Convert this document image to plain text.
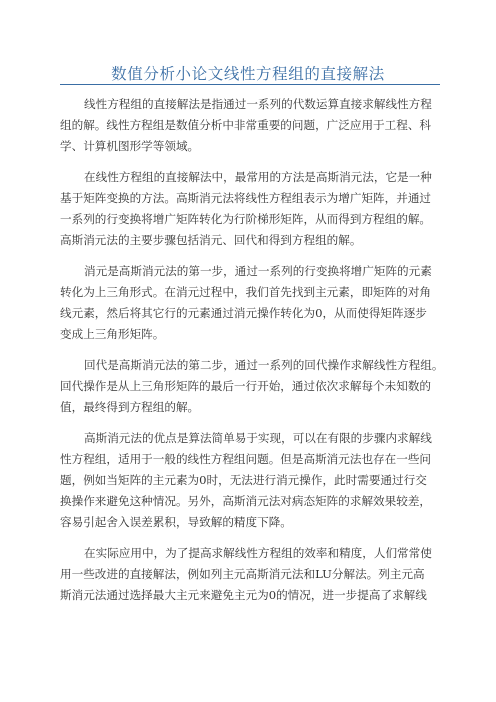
数值分析小论文线性方程组的直接解法

线性方程组的直接解法是指通过一系列的代数运算直接求解线性方程
组的解。线性方程组是数值分析中非常重要的问题，广泛应用于工程、科
学、计算机图形学等领域。

在线性方程组的直接解法中，最常用的方法是高斯消元法，它是一种
基于矩阵变换的方法。高斯消元法将线性方程组表示为增广矩阵，并通过
一系列的行变换将增广矩阵转化为行阶梯形矩阵，从而得到方程组的解。
高斯消元法的主要步骤包括消元、回代和得到方程组的解。

消元是高斯消元法的第一步，通过一系列的行变换将增广矩阵的元素
转化为上三角形式。在消元过程中，我们首先找到主元素，即矩阵的对角
线元素，然后将其它行的元素通过消元操作转化为0，从而使得矩阵逐步
变成上三角形矩阵。

回代是高斯消元法的第二步，通过一系列的回代操作求解线性方程组。
回代操作是从上三角形矩阵的最后一行开始，通过依次求解每个未知数的
值，最终得到方程组的解。

高斯消元法的优点是算法简单易于实现，可以在有限的步骤内求解线
性方程组，适用于一般的线性方程组问题。但是高斯消元法也存在一些问
题，例如当矩阵的主元素为0时，无法进行消元操作，此时需要通过行交
换操作来避免这种情况。另外，高斯消元法对病态矩阵的求解效果较差，
容易引起舍入误差累积，导致解的精度下降。

在实际应用中，为了提高求解线性方程组的效率和精度，人们常常使
用一些改进的直接解法，例如列主元高斯消元法和LU分解法。列主元高
斯消元法通过选择最大主元来避免主元为0的情况，进一步提高了求解线
